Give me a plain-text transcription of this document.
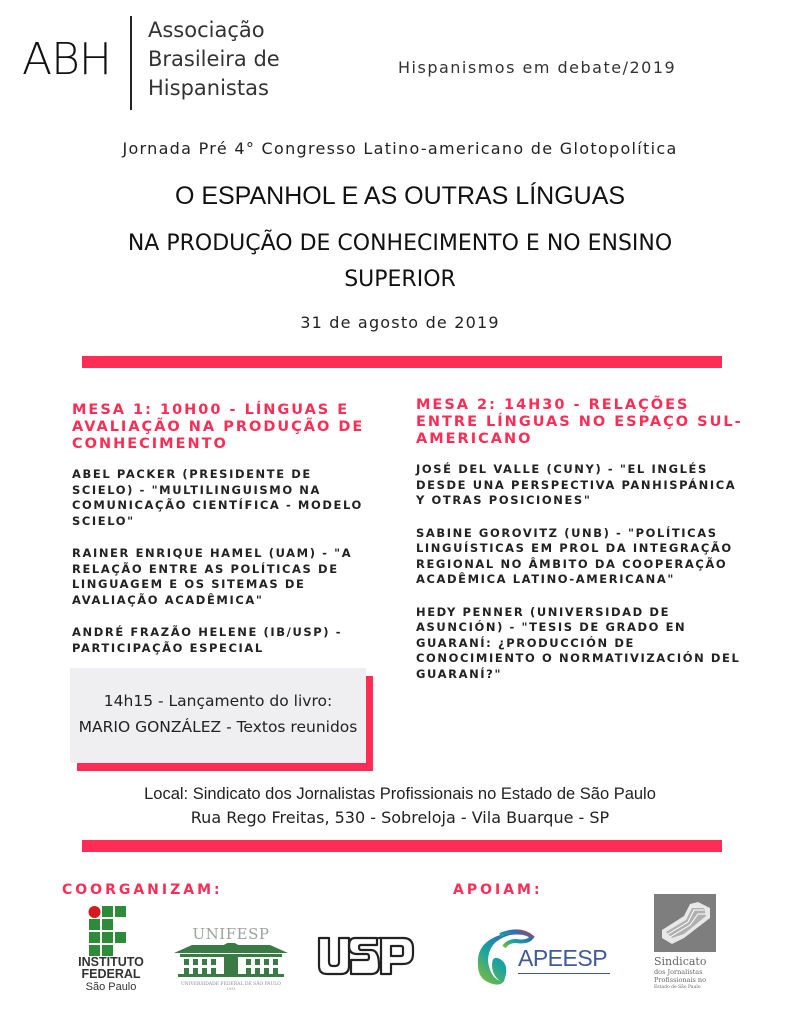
ABH
Associação
Brasileira de
Hispanistas
Hispanismos em debate/2019
Jornada Pré 4° Congresso Latino-americano de Glotopolítica
O ESPANHOL E AS OUTRAS LÍNGUAS
NA PRODUÇÃO DE CONHECIMENTO E NO ENSINO
SUPERIOR
31 de agosto de 2019
MESA 1: 10H00 - LÍNGUAS E AVALIAÇÃO NA PRODUÇÃO DE CONHECIMENTO
ABEL PACKER (PRESIDENTE DE SCIELO) - "MULTILINGUISMO NA COMUNICAÇÃO CIENTÍFICA - MODELO SCIELO"
RAINER ENRIQUE HAMEL (UAM) - "A RELAÇÃO ENTRE AS POLÍTICAS DE LINGUAGEM E OS SITEMAS DE AVALIAÇÃO ACADÊMICA"
ANDRÉ FRAZÃO HELENE (IB/USP) - PARTICIPAÇÃO ESPECIAL
MESA 2: 14H30 - RELAÇÕES ENTRE LÍNGUAS NO ESPAÇO SUL-AMERICANO
JOSÉ DEL VALLE (CUNY) - "EL INGLÉS DESDE UNA PERSPECTIVA PANHISPÁNICA Y OTRAS POSICIONES"
SABINE GOROVITZ (UNB) - "POLÍTICAS LINGUÍSTICAS EM PROL DA INTEGRAÇÃO REGIONAL NO ÂMBITO DA COOPERAÇÃO ACADÊMICA LATINO-AMERICANA"
HEDY PENNER (UNIVERSIDAD DE ASUNCIÓN) - "TESIS DE GRADO EN GUARANÍ: ¿PRODUCCIÓN DE CONOCIMIENTO O NORMATIVIZACIÓN DEL GUARANÍ?"
14h15 - Lançamento do livro:
MARIO GONZÁLEZ - Textos reunidos
Local: Sindicato dos Jornalistas Profissionais no Estado de São Paulo
Rua Rego Freitas, 530 - Sobreloja - Vila Buarque - SP
COORGANIZAM:
INSTITUTO
FEDERAL
São Paulo
UNIFESP
UNIVERSIDADE FEDERAL DE SÃO PAULO
1933
APOIAM:
APEESP	Sindicato
dos Jornalistas
Profissionais no
Estado de São Paulo
